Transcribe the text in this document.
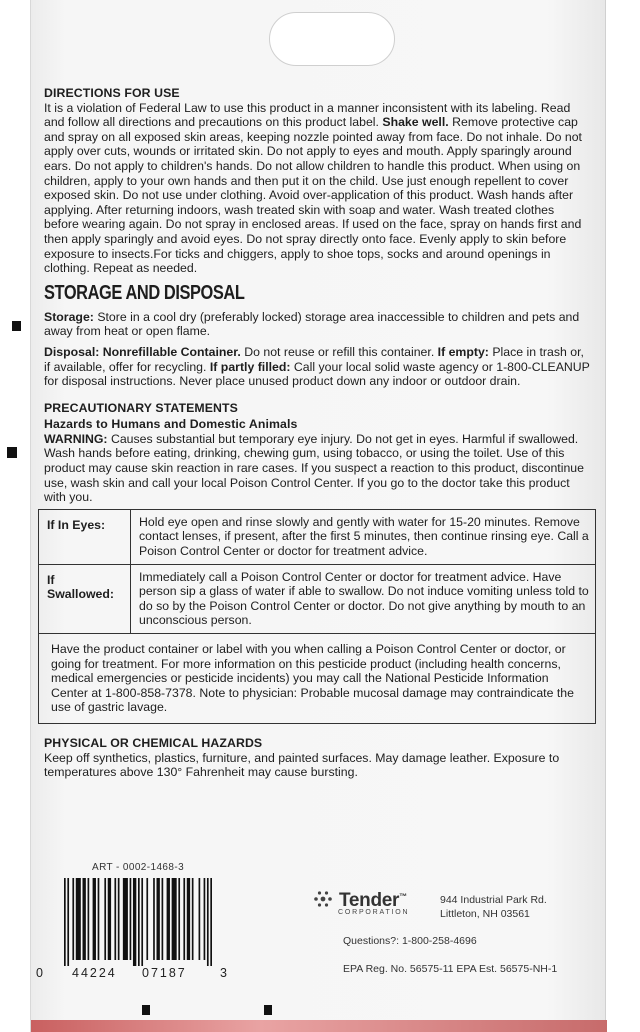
DIRECTIONS FOR USE

It is a violation of Federal Law to use this product in a manner inconsistent with its labeling. Read and follow all directions and precautions on this product label. Shake well. Remove protective cap and spray on all exposed skin areas, keeping nozzle pointed away from face. Do not inhale. Do not apply over cuts, wounds or irritated skin. Do not apply to eyes and mouth. Apply sparingly around ears. Do not apply to children's hands. Do not allow children to handle this product. When using on children, apply to your own hands and then put it on the child. Use just enough repellent to cover exposed skin. Do not use under clothing. Avoid over-application of this product. Wash hands after applying. After returning indoors, wash treated skin with soap and water. Wash treated clothes before wearing again. Do not spray in enclosed areas. If used on the face, spray on hands first and then apply sparingly and avoid eyes. Do not spray directly onto face. Evenly apply to skin before exposure to insects.For ticks and chiggers, apply to shoe tops, socks and around openings in clothing. Repeat as needed.

STORAGE AND DISPOSAL

Storage: Store in a cool dry (preferably locked) storage area inaccessible to children and pets and away from heat or open flame.

Disposal: Nonrefillable Container. Do not reuse or refill this container. If empty: Place in trash or, if available, offer for recycling. If partly filled: Call your local solid waste agency or 1-800-CLEANUP for disposal instructions. Never place unused product down any indoor or outdoor drain.

PRECAUTIONARY STATEMENTS
Hazards to Humans and Domestic Animals

WARNING: Causes substantial but temporary eye injury. Do not get in eyes. Harmful if swallowed. Wash hands before eating, drinking, chewing gum, using tobacco, or using the toilet. Use of this product may cause skin reaction in rare cases. If you suspect a reaction to this product, discontinue use, wash skin and call your local Poison Control Center. If you go to the doctor take this product with you.

If In Eyes:	Hold eye open and rinse slowly and gently with water for 15-20 minutes. Remove contact lenses, if present, after the first 5 minutes, then continue rinsing eye. Call a Poison Control Center or doctor for treatment advice.
If Swallowed:	Immediately call a Poison Control Center or doctor for treatment advice. Have person sip a glass of water if able to swallow. Do not induce vomiting unless told to do so by the Poison Control Center or doctor. Do not give anything by mouth to an unconscious person.
Have the product container or label with you when calling a Poison Control Center or doctor, or going for treatment. For more information on this pesticide product (including health concerns, medical emergencies or pesticide incidents) you may call the National Pesticide Information Center at 1-800-858-7378. Note to physician: Probable mucosal damage may contraindicate the use of gastric lavage.	
PHYSICAL OR CHEMICAL HAZARDS

Keep off synthetics, plastics, furniture, and painted surfaces. May damage leather. Exposure to temperatures above 130° Fahrenheit may cause bursting.

ART - 0002-1468-3
0 44224 07187	3
Tender™
CORPORATION
944 Industrial Park Rd.
Littleton, NH 03561
Questions?: 1-800-258-4696
EPA Reg. No. 56575-11 EPA Est. 56575-NH-1
